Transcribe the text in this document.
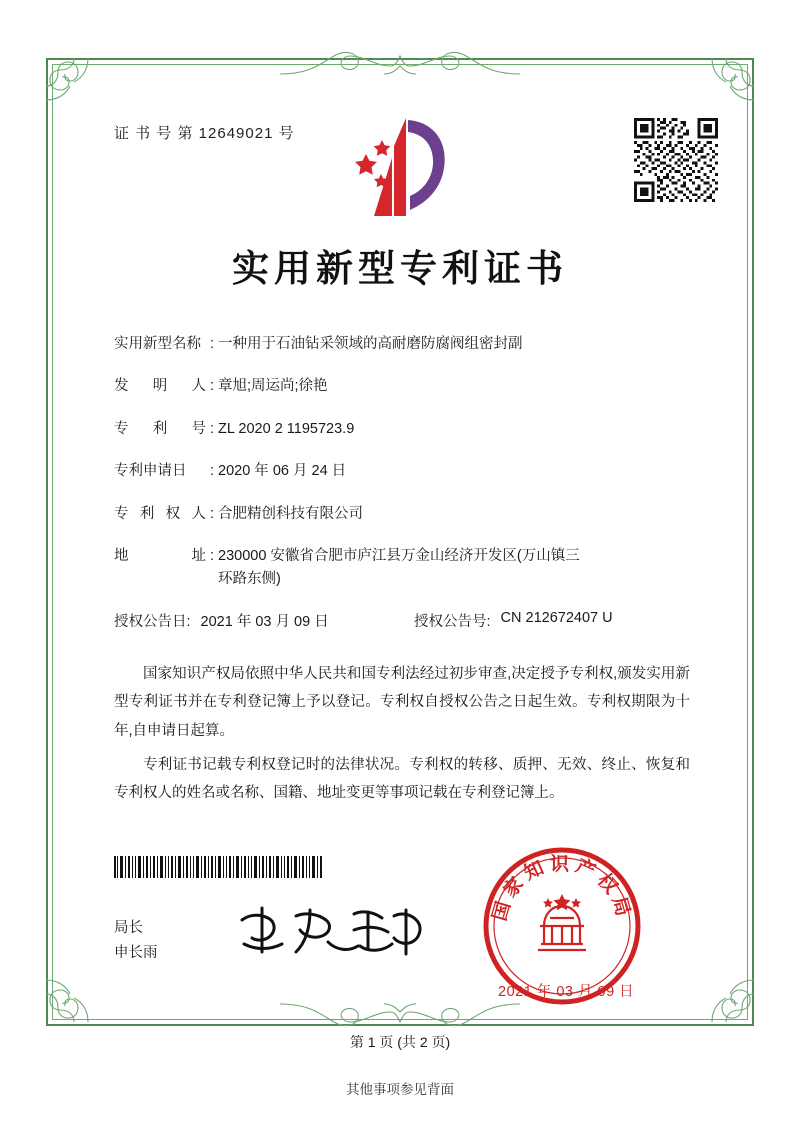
证 书 号 第 12649021 号
实用新型专利证书
实用新型名称 : 一种用于石油钻采领域的高耐磨防腐阀组密封副
发 明 人 : 章旭;周运尚;徐艳
专 利 号 : ZL 2020 2 1195723.9
专利申请日	: 2020 年 06 月 24 日
专 利 权 人 : 合肥精创科技有限公司
地	址 : 230000 安徽省合肥市庐江县万金山经济开发区(万山镇三
环路东侧)
授权公告日: 2021 年 03 月 09 日	授权公告号: CN 212672407 U

国家知识产权局依照中华人民共和国专利法经过初步审查,决定授予专利权,颁发实用新型专利证书并在专利登记簿上予以登记。专利权自授权公告之日起生效。专利权期限为十年,自申请日起算。

专利证书记载专利权登记时的法律状况。专利权的转移、质押、无效、终止、恢复和专利权人的姓名或名称、国籍、地址变更等事项记载在专利登记簿上。

局长
申长雨
国家知识产权局
2021 年 03 月 09 日
第 1 页 (共 2 页)
其他事项参见背面
